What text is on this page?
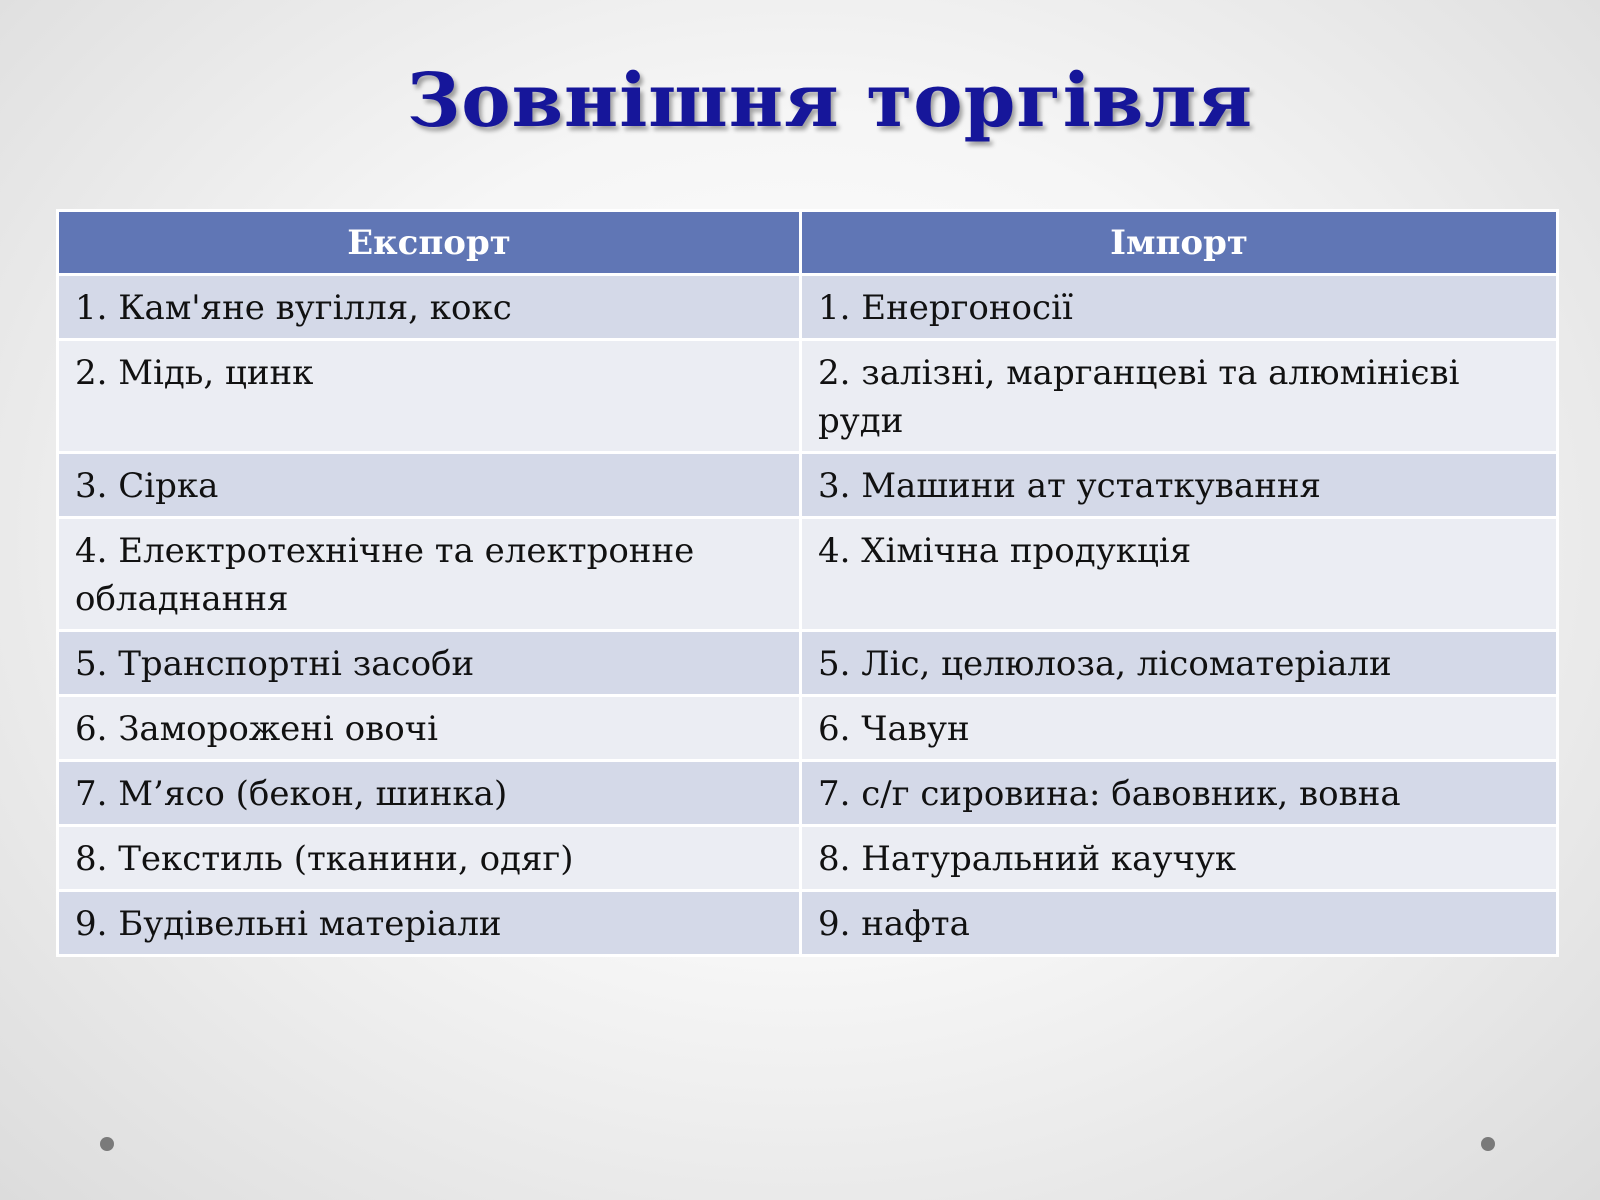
Зовнішня торгівля
Експорт	Імпорт
1. Кам'яне вугілля, кокс	1. Енергоносії
2. Мідь, цинк	2. залізні, марганцеві та алюмінієві руди
3. Сірка	3. Машини ат устаткування
4. Електротехнічне та електронне обладнання	4. Хімічна продукція
5. Транспортні засоби	5. Ліс, целюлоза, лісоматеріали
6. Заморожені овочі	6. Чавун
7. М’ясо (бекон, шинка)	7. с/г сировина: бавовник, вовна
8. Текстиль (тканини, одяг)	8. Натуральний каучук
9. Будівельні матеріали	9. нафта
